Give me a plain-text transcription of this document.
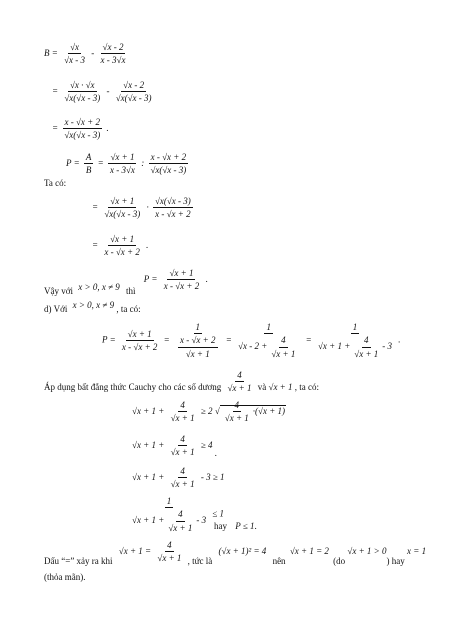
$B = \frac{√x}{√x - 3} - \frac{√x - 2}{x - 3√x}$
= $\frac{√x \cdot √x}{√x(√x - 3)} - \frac{√x - 2}{√x(√x - 3)}$
= $\frac{x - √x + 2}{√x(√x - 3)}$ .
$P = \frac{A}{B} = \frac{√x + 1}{x - 3√x}$ : $\frac{x - √x + 2}{√x(√x - 3)}$
Ta có:
= $\frac{√x + 1}{√x(√x - 3)} \cdot \frac{√x(√x - 3)}{x - √x + 2}$
= $\frac{√x + 1}{x - √x + 2}$ .
Vậy với x > 0, x ≠ 9 thì $P = \frac{√x + 1}{x - √x + 2}$ .
d) Với x > 0, x ≠ 9 , ta có:
$P = \frac{√x + 1}{x - √x + 2} = \frac{1}{\frac{x - √x + 2}{√x + 1}} = \frac{1}{√x - 2 + \frac{4}{√x + 1}} = \frac{1}{√x + 1 + \frac{4}{√x + 1} - 3}$ .
Áp dụng bất đẳng thức Cauchy cho các số dương $\frac{4}{√x + 1}$ và √x + 1 , ta có:
$√x + 1 + \frac{4}{√x + 1} \ge 2$ √ $\frac{4}{√x + 1} \cdot(√x + 1)$
$√x + 1 + \frac{4}{√x + 1} \ge 4$ .
$√x + 1 + \frac{4}{√x + 1} - 3 \ge 1$
$\frac{1}{√x + 1 + \frac{4}{√x + 1} - 3} \le 1$
hay P ≤ 1.
Dấu “=” xảy ra khi $√x + 1 = \frac{4}{√x + 1}$ , tức là (√x + 1)² = 4 nên √x + 1 = 2 (do √x + 1 > 0) hay x = 1
(thỏa mãn).
